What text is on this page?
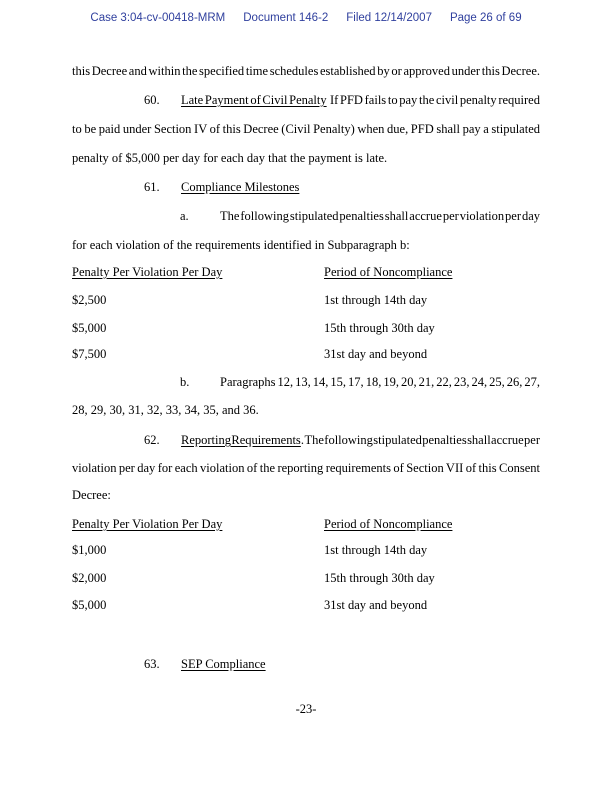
Case 3:04-cv-00418-MRM Document 146-2 Filed 12/14/2007 Page 26 of 69
this Decree and within the specified time schedules established by or approved under this Decree.
60. Late Payment of Civil Penalty  If PFD fails to pay the civil penalty required
to be paid under Section IV of this Decree (Civil Penalty) when due, PFD shall pay a stipulated
penalty of $5,000 per day for each day that the payment is late.
61. Compliance Milestones
a.	The following stipulated penalties shall accrue per violation per day
for each violation of the requirements identified in Subparagraph b:
Penalty Per Violation Per Day	Period of Noncompliance
$2,500	1st through 14th day
$5,000	15th through 30th day
$7,500	31st day and beyond
b. Paragraphs 12, 13, 14, 15, 17, 18, 19, 20, 21, 22, 23, 24, 25, 26, 27,
28, 29, 30, 31, 32, 33, 34, 35, and 36.
62. Reporting Requirements.  The following stipulated penalties shall accrue per
violation per day for each violation of the reporting requirements of Section VII of this Consent
Decree:
Penalty Per Violation Per Day	Period of Noncompliance
$1,000	1st through 14th day
$2,000	15th through 30th day
$5,000	31st day and beyond
63. SEP Compliance
-23-
